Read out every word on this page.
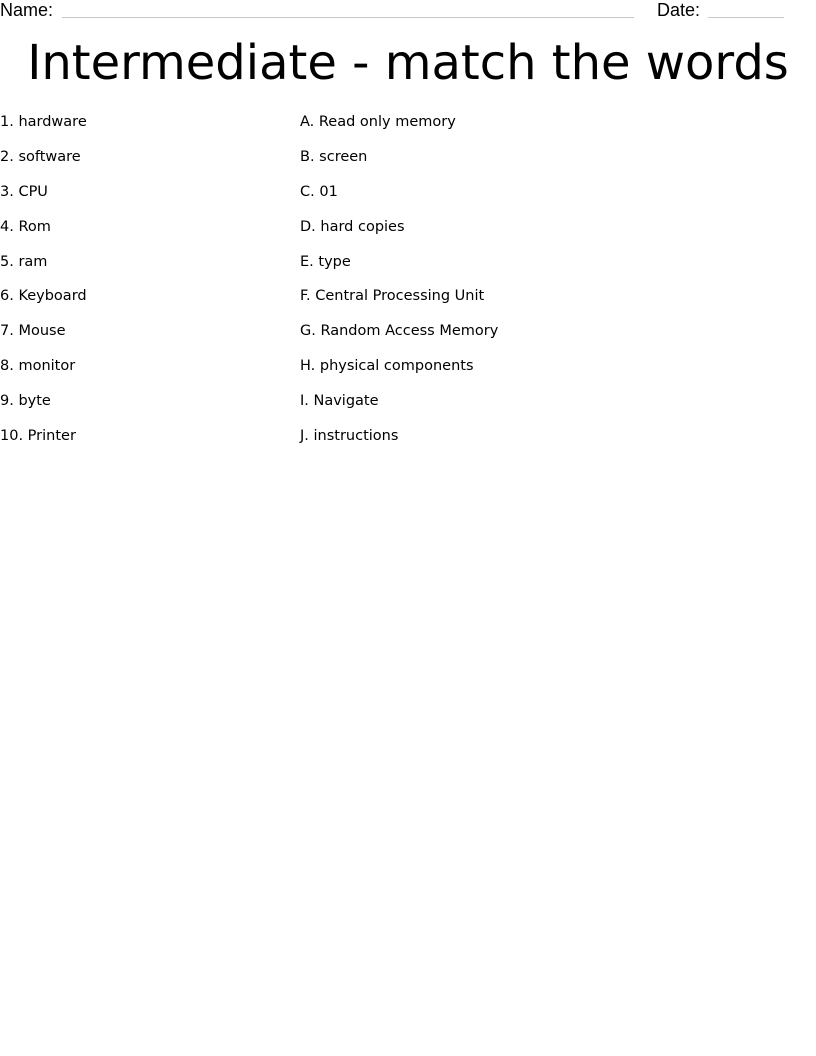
Name:	Date:
Intermediate - match the words
1. hardware
2. software
3. CPU
4. Rom
5. ram
6. Keyboard
7. Mouse
8. monitor
9. byte
10. Printer
A. Read only memory
B. screen
C. 01
D. hard copies
E. type
F. Central Processing Unit
G. Random Access Memory
H. physical components
I. Navigate
J. instructions
